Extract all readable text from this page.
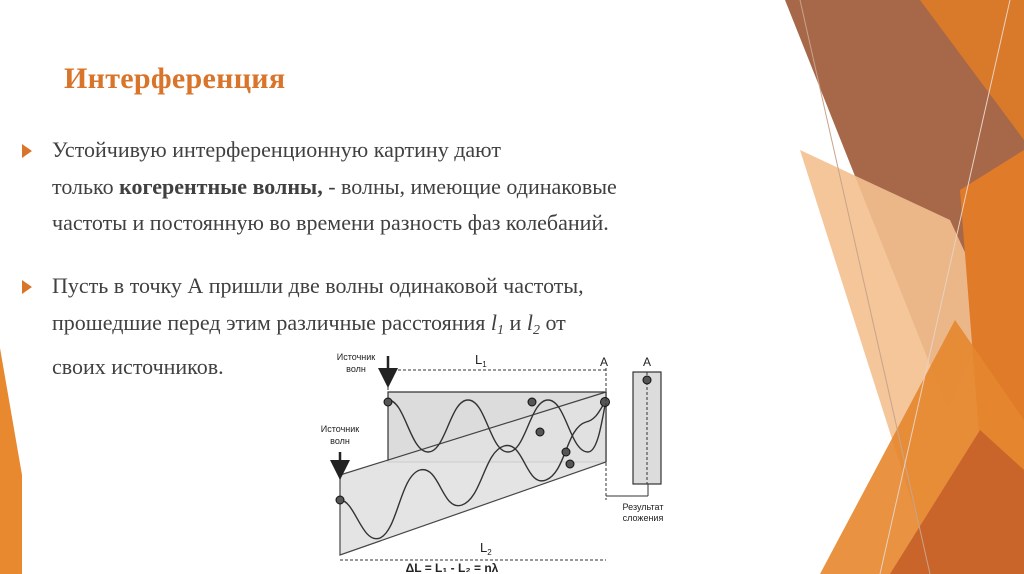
Интерференция
Устойчивую интерференционную картину дают
только когерентные волны, - волны, имеющие одинаковые
частоты и постоянную во времени разность фаз колебаний.
Пусть в точку А пришли две волны одинаковой частоты,
прошедшие перед этим различные расстояния $l_1$ и $l_2$ от
своих источников.	Источник
волн
Источник
волн
$L_1$
$L_2$
A	A
Результат
сложения
ΔL = L₁ - L₂ = nλ
